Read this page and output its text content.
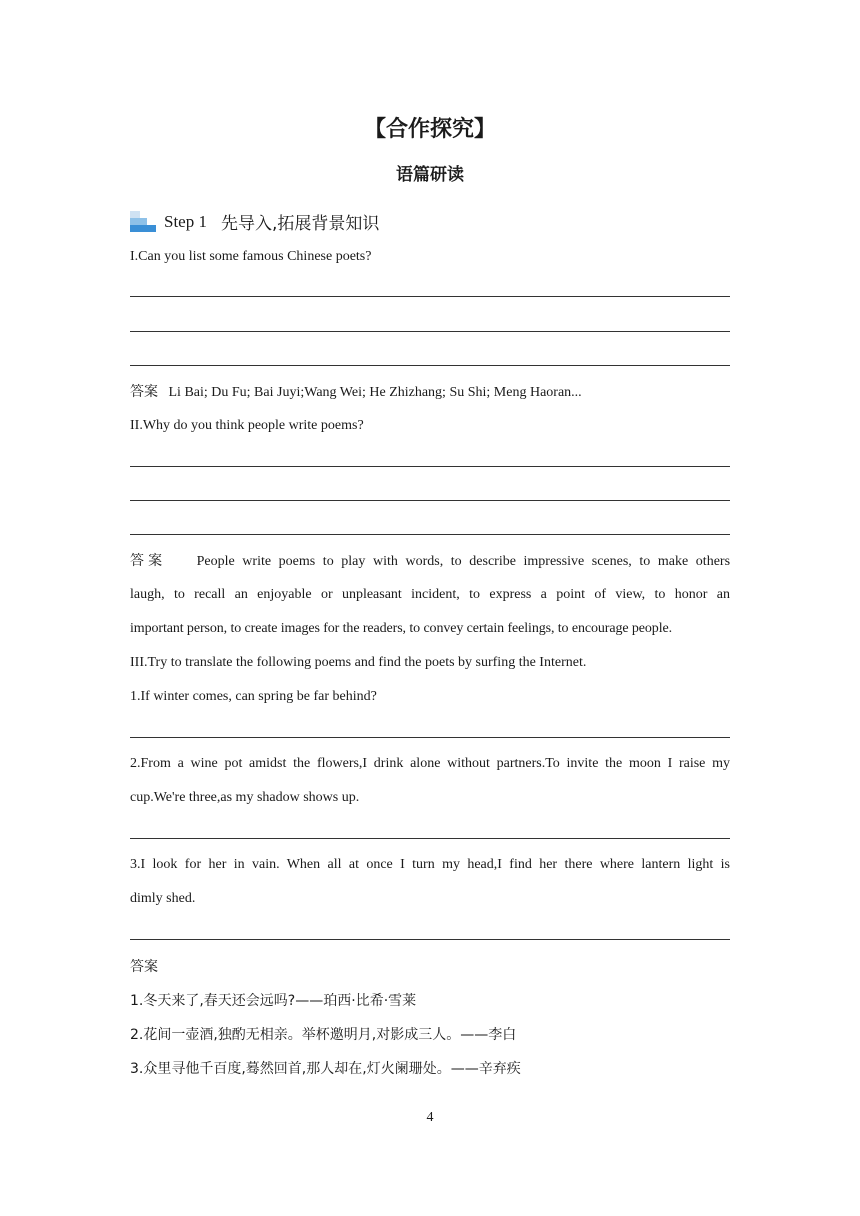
【合作探究】
语篇研读
Step 1 先导入,拓展背景知识
I.Can you list some famous Chinese poets?
答案 Li Bai; Du Fu; Bai Juyi;Wang Wei; He Zhizhang; Su Shi; Meng Haoran...
II.Why do you think people write poems?
答案 People write poems to play with words, to describe impressive scenes, to make others
laugh, to recall an enjoyable or unpleasant incident, to express a point of view, to honor an
important person, to create images for the readers, to convey certain feelings, to encourage people.
III.Try to translate the following poems and find the poets by surfing the Internet.
1.If winter comes, can spring be far behind?
2.From a wine pot amidst the flowers,I drink alone without partners.To invite the moon I raise my
cup.We're three,as my shadow shows up.
3.I look for her in vain. When all at once I turn my head,I find her there where lantern light is
dimly shed.
答案
1.冬天来了,春天还会远吗?——珀西·比希·雪莱
2.花间一壶酒,独酌无相亲。举杯邀明月,对影成三人。——李白
3.众里寻他千百度,蓦然回首,那人却在,灯火阑珊处。——辛弃疾
4
